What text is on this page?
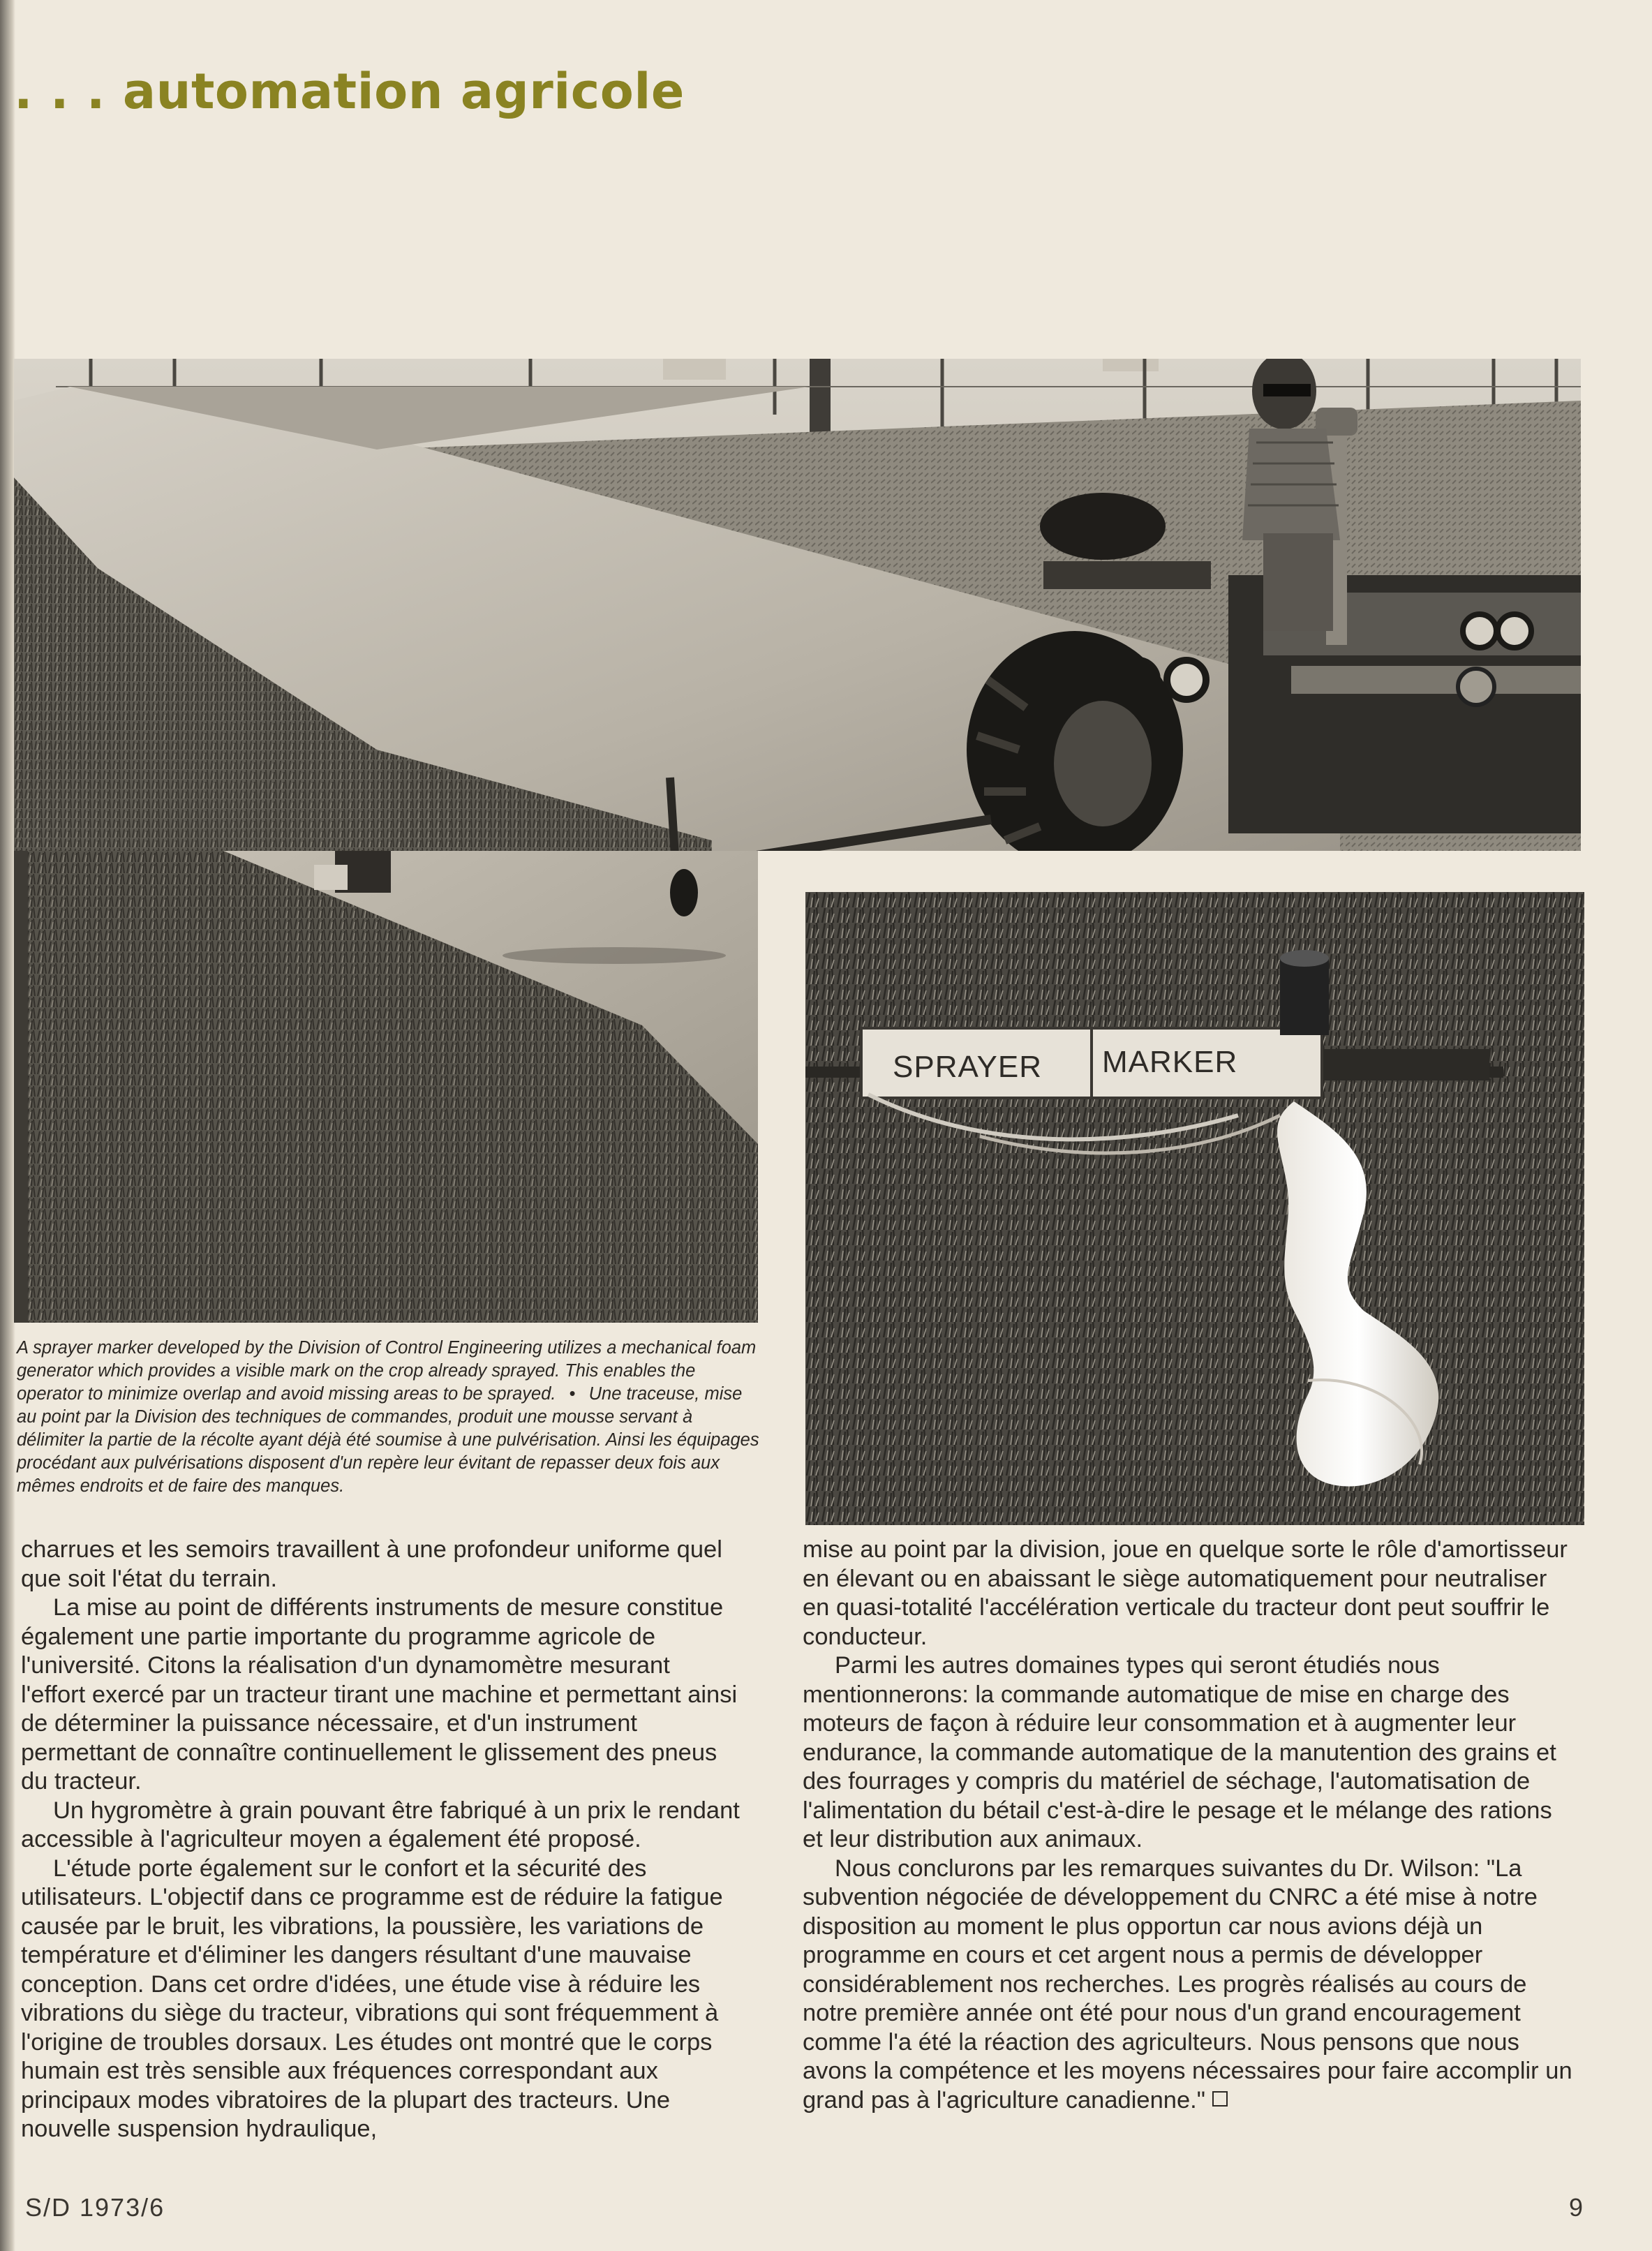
. . . automation agricole
SPRAYER MARKER

A sprayer marker developed by the Division of Control Engineering utilizes a mechanical foam generator which provides a visible mark on the crop already sprayed. This enables the operator to minimize overlap and avoid missing areas to be sprayed. • Une traceuse, mise au point par la Division des techniques de commandes, produit une mousse servant à délimiter la partie de la récolte ayant déjà été soumise à une pulvérisation. Ainsi les équipages procédant aux pulvérisations disposent d'un repère leur évitant de repasser deux fois aux mêmes endroits et de faire des manques.

charrues et les semoirs travaillent à une profondeur uniforme quel que soit l'état du terrain.

La mise au point de différents instruments de mesure constitue également une partie importante du programme agricole de l'université. Citons la réalisation d'un dynamomètre mesurant l'effort exercé par un tracteur tirant une machine et permettant ainsi de déterminer la puissance nécessaire, et d'un instrument permettant de connaître continuellement le glissement des pneus du tracteur.

Un hygromètre à grain pouvant être fabriqué à un prix le rendant accessible à l'agriculteur moyen a également été proposé.

L'étude porte également sur le confort et la sécurité des utilisateurs. L'objectif dans ce programme est de réduire la fatigue causée par le bruit, les vibrations, la poussière, les variations de température et d'éliminer les dangers résultant d'une mauvaise conception. Dans cet ordre d'idées, une étude vise à réduire les vibrations du siège du tracteur, vibrations qui sont fréquemment à l'origine de troubles dorsaux. Les études ont montré que le corps humain est très sensible aux fréquences correspondant aux principaux modes vibratoires de la plupart des tracteurs. Une nouvelle suspension hydraulique,

mise au point par la division, joue en quelque sorte le rôle d'amortisseur en élevant ou en abaissant le siège automatiquement pour neutraliser en quasi-totalité l'accélération verticale du tracteur dont peut souffrir le conducteur.

Parmi les autres domaines types qui seront étudiés nous mentionnerons: la commande automatique de mise en charge des moteurs de façon à réduire leur consommation et à augmenter leur endurance, la commande automatique de la manutention des grains et des fourrages y compris du matériel de séchage, l'automatisation de l'alimentation du bétail c'est-à-dire le pesage et le mélange des rations et leur distribution aux animaux.

Nous conclurons par les remarques suivantes du Dr. Wilson: "La subvention négociée de développement du CNRC a été mise à notre disposition au moment le plus opportun car nous avions déjà un programme en cours et cet argent nous a permis de développer considérablement nos recherches. Les progrès réalisés au cours de notre première année ont été pour nous d'un grand encouragement comme l'a été la réaction des agriculteurs. Nous pensons que nous avons la compétence et les moyens nécessaires pour faire accomplir un grand pas à l'agriculture canadienne."

S/D 1973/6	9
